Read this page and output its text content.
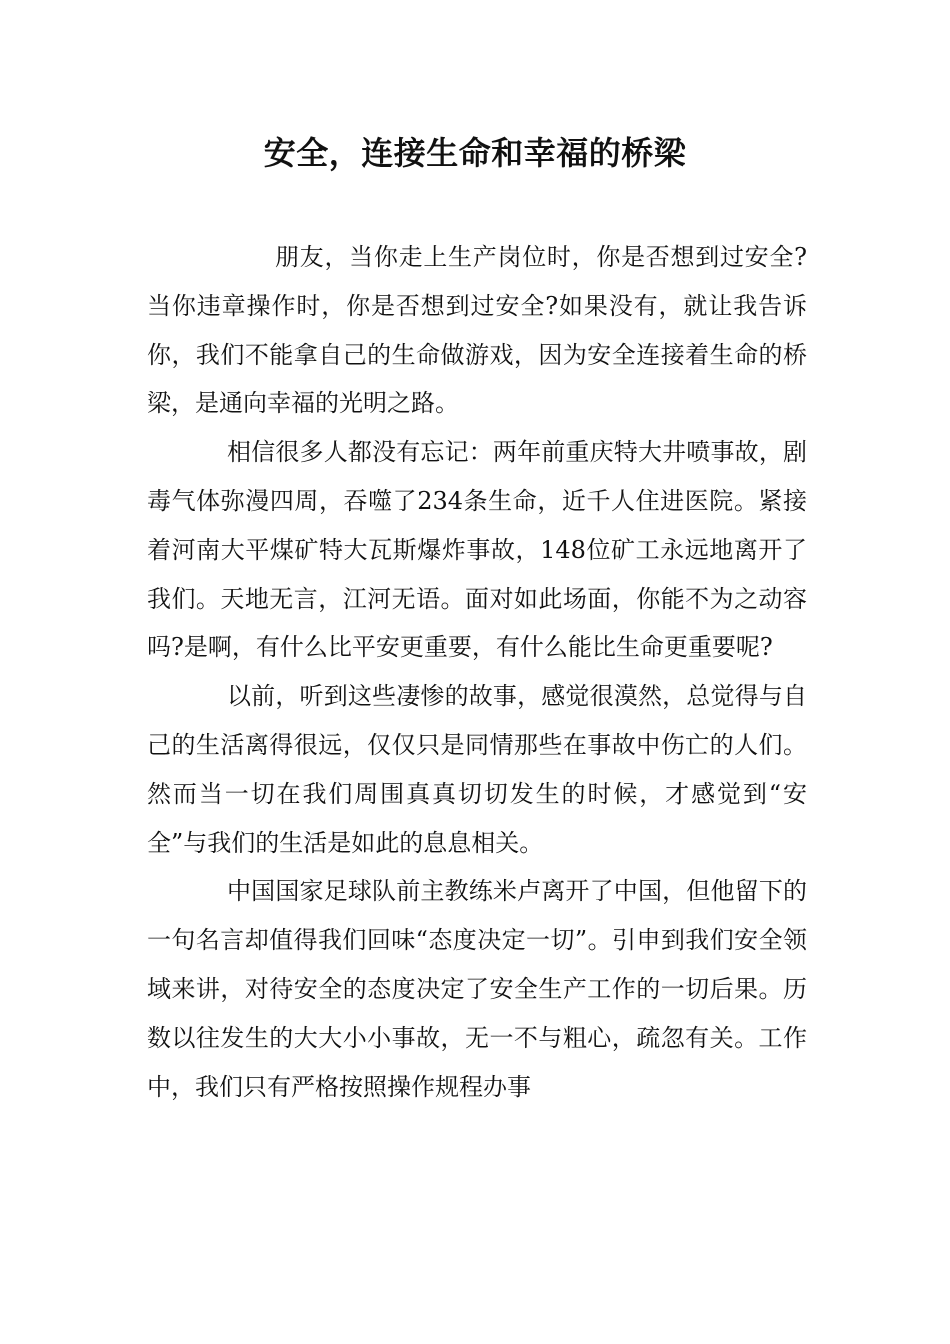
安全，连接生命和幸福的桥梁

朋友，当你走上生产岗位时，你是否想到过安全?当你违章操作时，你是否想到过安全?如果没有，就让我告诉你，我们不能拿自己的生命做游戏，因为安全连接着生命的桥梁，是通向幸福的光明之路。

相信很多人都没有忘记：两年前重庆特大井喷事故，剧毒气体弥漫四周，吞噬了234条生命，近千人住进医院。紧接着河南大平煤矿特大瓦斯爆炸事故，148位矿工永远地离开了我们。天地无言，江河无语。面对如此场面，你能不为之动容吗?是啊，有什么比平安更重要，有什么能比生命更重要呢?

以前，听到这些凄惨的故事，感觉很漠然，总觉得与自己的生活离得很远，仅仅只是同情那些在事故中伤亡的人们。然而当一切在我们周围真真切切发生的时候，才感觉到“安全”与我们的生活是如此的息息相关。

中国国家足球队前主教练米卢离开了中国，但他留下的一句名言却值得我们回味“态度决定一切”。引申到我们安全领域来讲，对待安全的态度决定了安全生产工作的一切后果。历数以往发生的大大小小事故，无一不与粗心，疏忽有关。工作中，我们只有严格按照操作规程办事
